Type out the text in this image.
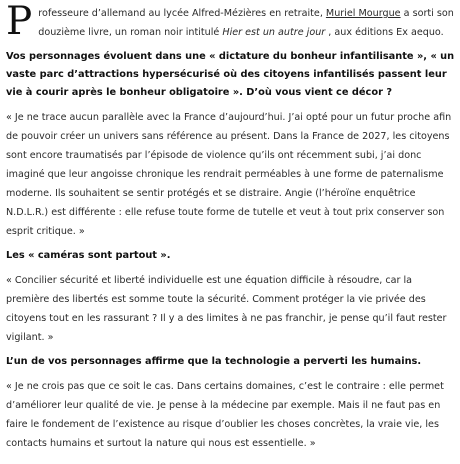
Professeure d’allemand au lycée Alfred-Mézières en retraite, Muriel Mourgue a sorti son douzième livre, un roman noir intitulé Hier est un autre jour , aux éditions Ex aequo.

Vos personnages évoluent dans une « dictature du bonheur infantilisante », « un vaste parc d’attractions hypersécurisé où des citoyens infantilisés passent leur vie à courir après le bonheur obligatoire ». D’où vous vient ce décor ?

« Je ne trace aucun parallèle avec la France d’aujourd’hui. J’ai opté pour un futur proche afin de pouvoir créer un univers sans référence au présent. Dans la France de 2027, les citoyens sont encore traumatisés par l’épisode de violence qu’ils ont récemment subi, j’ai donc imaginé que leur angoisse chronique les rendrait perméables à une forme de paternalisme moderne. Ils souhaitent se sentir protégés et se distraire. Angie (l’héroïne enquêtrice N.D.L.R.) est différente : elle refuse toute forme de tutelle et veut à tout prix conserver son esprit critique. »

Les « caméras sont partout ».

« Concilier sécurité et liberté individuelle est une équation difficile à résoudre, car la première des libertés est somme toute la sécurité. Comment protéger la vie privée des citoyens tout en les rassurant ? Il y a des limites à ne pas franchir, je pense qu’il faut rester vigilant. »

L’un de vos personnages affirme que la technologie a perverti les humains.

« Je ne crois pas que ce soit le cas. Dans certains domaines, c’est le contraire : elle permet d’améliorer leur qualité de vie. Je pense à la médecine par exemple. Mais il ne faut pas en faire le fondement de l’existence au risque d’oublier les choses concrètes, la vraie vie, les contacts humains et surtout la nature qui nous est essentielle. »
